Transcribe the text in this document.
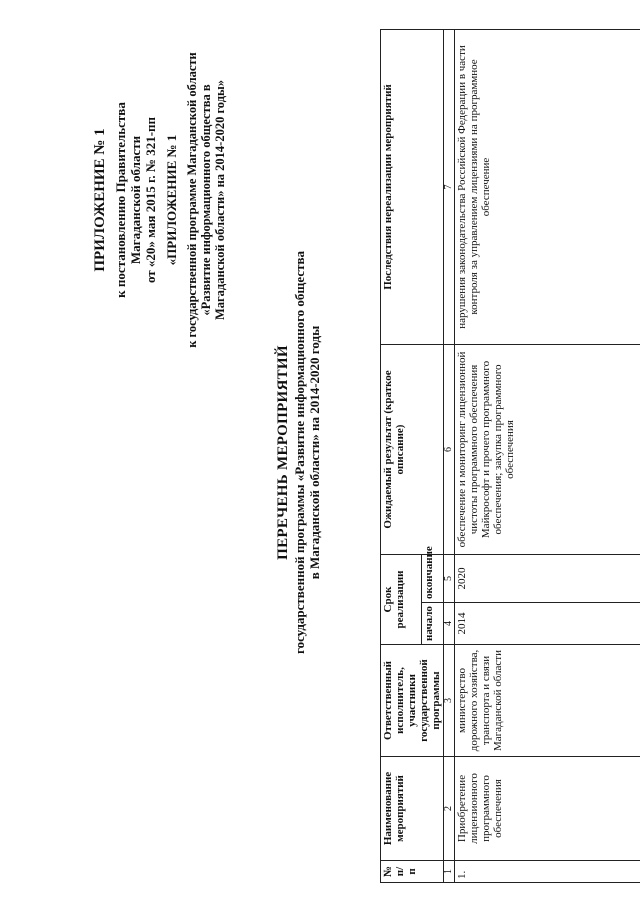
ПРИЛОЖЕНИЕ № 1 к постановлению Правительства Магаданской области от «20» мая 2015 г. № 321-пп «ПРИЛОЖЕНИЕ № 1 к государственной программе Магаданской области «Развитие информационного общества в Магаданской области» на 2014-2020 годы»
ПЕРЕЧЕНЬ МЕРОПРИЯТИЙ государственной программы «Развитие информационного общества в Магаданской области» на 2014-2020 годы
№ п/п	Наименование мероприятий	Ответственный исполнитель, участники государственной программы	Срок реализации		Ожидаемый результат (краткое описание)	Последствия нереализации мероприятий
			начало	окончание		
1	2	3	4	5	6	7
1.	Приобретение лицензионного программного обеспечения	министерство дорожного хозяйства, транспорта и связи Магаданской области	2014	2020	обеспечение и мониторинг лицензионной чистоты программного обеспечения Майкрософт и прочего программного обеспечения; закупка программного обеспечения	нарушения законодательства Российской Федерации в части контроля за управлением лицензиями на программное обеспечение
